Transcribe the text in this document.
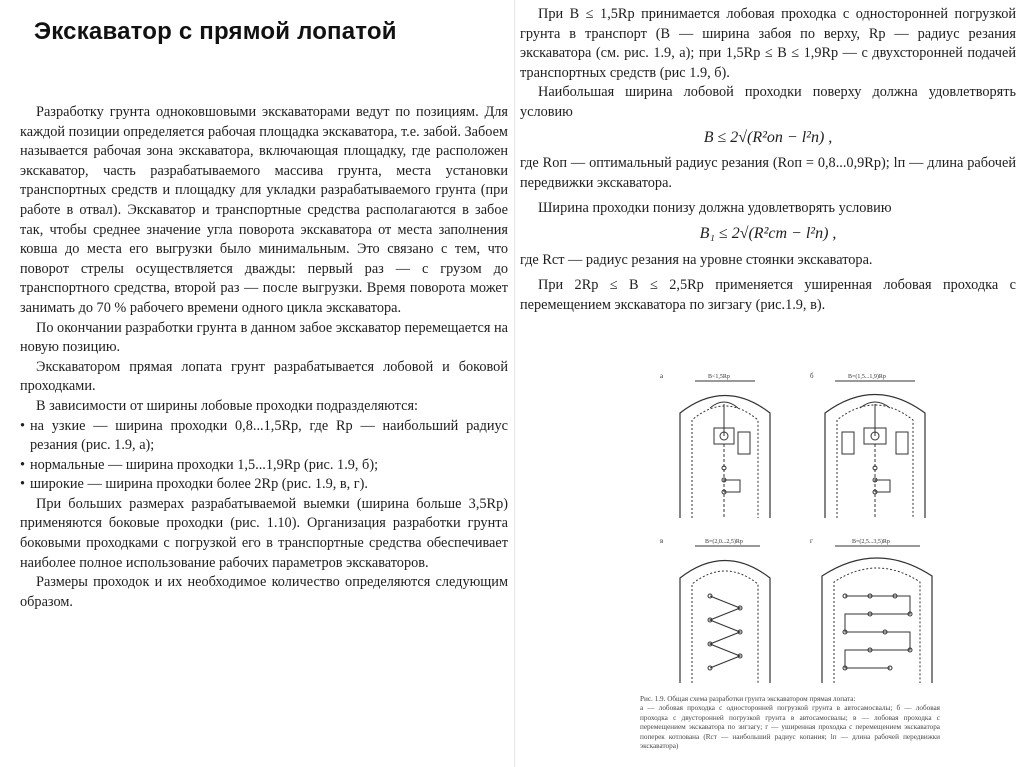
Экскаватор с прямой лопатой

Разработку грунта одноковшовыми экскаваторами ведут по позициям. Для каждой позиции определяется рабочая площадка экскаватора, т.е. забой. Забоем называется рабочая зона экскаватора, включающая площадку, где расположен экскаватор, часть разрабатываемого массива грунта, места установки транспортных средств и площадку для укладки разрабатываемого грунта (при работе в отвал). Экскаватор и транспортные средства располагаются в забое так, чтобы среднее значение угла поворота экскаватора от места заполнения ковша до места его выгрузки было минимальным. Это связано с тем, что поворот стрелы осуществляется дважды: первый раз — с грузом до транспортного средства, второй раз — после выгрузки. Время поворота может занимать до 70 % рабочего времени одного цикла экскаватора.

По окончании разработки грунта в данном забое экскаватор перемещается на новую позицию.

Экскаватором прямая лопата грунт разрабатывается лобовой и боковой проходками.

В зависимости от ширины лобовые проходки подразделяются:

• на узкие — ширина проходки 0,8...1,5Rр, где Rр — наибольший радиус резания (рис. 1.9, а);
• нормальные — ширина проходки 1,5...1,9Rр (рис. 1.9, б);
• широкие — ширина проходки более 2Rр (рис. 1.9, в, г).

При больших размерах разрабатываемой выемки (ширина больше 3,5Rр) применяются боковые проходки (рис. 1.10). Организация разработки грунта боковыми проходками с погрузкой его в транспортные средства обеспечивает наиболее полное использование рабочих параметров экскаваторов.

Размеры проходок и их необходимое количество определяются следующим образом.

При B ≤ 1,5Rр принимается лобовая проходка с односторонней погрузкой грунта в транспорт (B — ширина забоя по верху, Rр — радиус резания экскаватора (см. рис. 1.9, а); при 1,5Rр ≤ B ≤ 1,9Rр — с двухсторонней подачей транспортных средств (рис 1.9, б).

Наибольшая ширина лобовой проходки поверху должна удовлетворять условию

B ≤ 2√(R²оп − l²п) ,

где Rоп — оптимальный радиус резания (Rоп = 0,8...0,9Rр); lп — длина рабочей передвижки экскаватора.

Ширина проходки понизу должна удовлетворять условию

B₁ ≤ 2√(R²ст − l²п) ,

где Rст — радиус резания на уровне стоянки экскаватора.

При 2Rр ≤ B ≤ 2,5Rр применяется уширенная лобовая проходка с перемещением экскаватора по зигзагу (рис.1.9, в).

а	B<1,5Rр	б	B=(1,5...1,9)Rр
в	B=(2,0...2,5)Rр	г	B=(2,5...3,5)Rр

Рис. 1.9. Общая схема разработки грунта экскаватором прямая лопата:

а — лобовая проходка с односторонней погрузкой грунта в автосамосвалы; б — лобовая проходка с двусторонней погрузкой грунта в автосамосвалы; в — лобовая проходка с перемещением экскаватора по зигзагу; г — уширенная проходка с перемещением экскаватора поперек котлована (Rст — наибольший радиус копания; lп — длина рабочей передвижки экскаватора)
